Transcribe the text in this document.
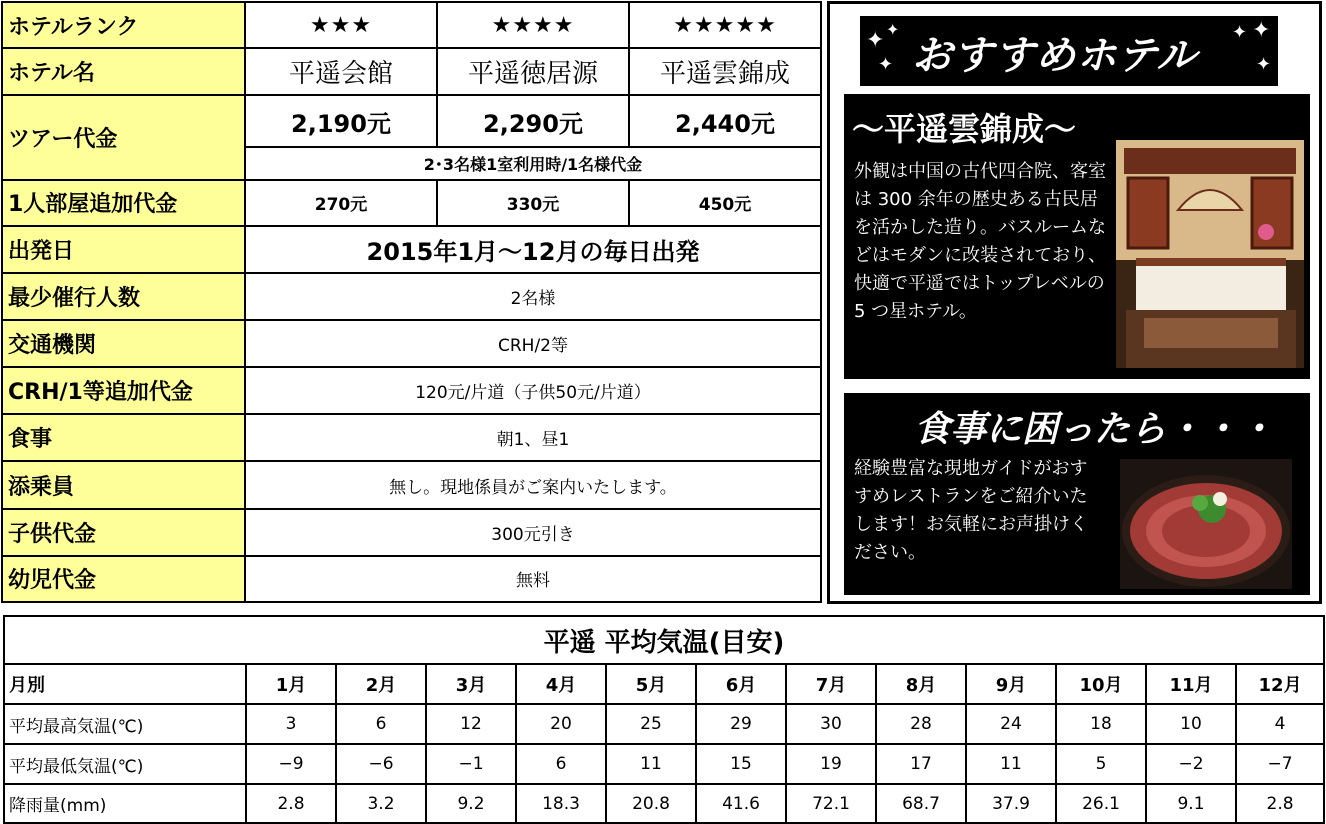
ホテルランク	★★★	★★★★	★★★★★
ホテル名	平遥会館	平遥徳居源	平遥雲錦成
ツアー代金	2,190元	2,290元	2,440元
	2･3名様1室利用時/1名様代金		
1人部屋追加代金	270元	330元	450元
出発日	2015年1月～12月の毎日出発		
最少催行人数	2名様		
交通機関	CRH/2等		
CRH/1等追加代金	120元/片道（子供50元/片道）		
食事	朝1、昼1		
添乗員	無し。現地係員がご案内いたします。		
子供代金	300元引き		
幼児代金	無料		
✦ ✦
✦ おすすめホテル ✦ ✦
✦
～平遥雲錦成～
外観は中国の古代四合院、客室は 300 余年の歴史ある古民居を活かした造り。バスルームなどはモダンに改装されており、快適で平遥ではトップレベルの 5 つ星ホテル。
食事に困ったら・・・
経験豊富な現地ガイドがおすすめレストランをご紹介いたします！お気軽にお声掛けください。
平遥 平均気温(目安)												
月別	1月	2月	3月	4月	5月	6月	7月	8月	9月	10月	11月	12月
平均最高気温(℃)	3	6	12	20	25	29	30	28	24	18	10	4
平均最低気温(℃)	−9	−6	−1	6	11	15	19	17	11	5	−2	−7
降雨量(mm)	2.8	3.2	9.2	18.3	20.8	41.6	72.1	68.7	37.9	26.1	9.1	2.8
